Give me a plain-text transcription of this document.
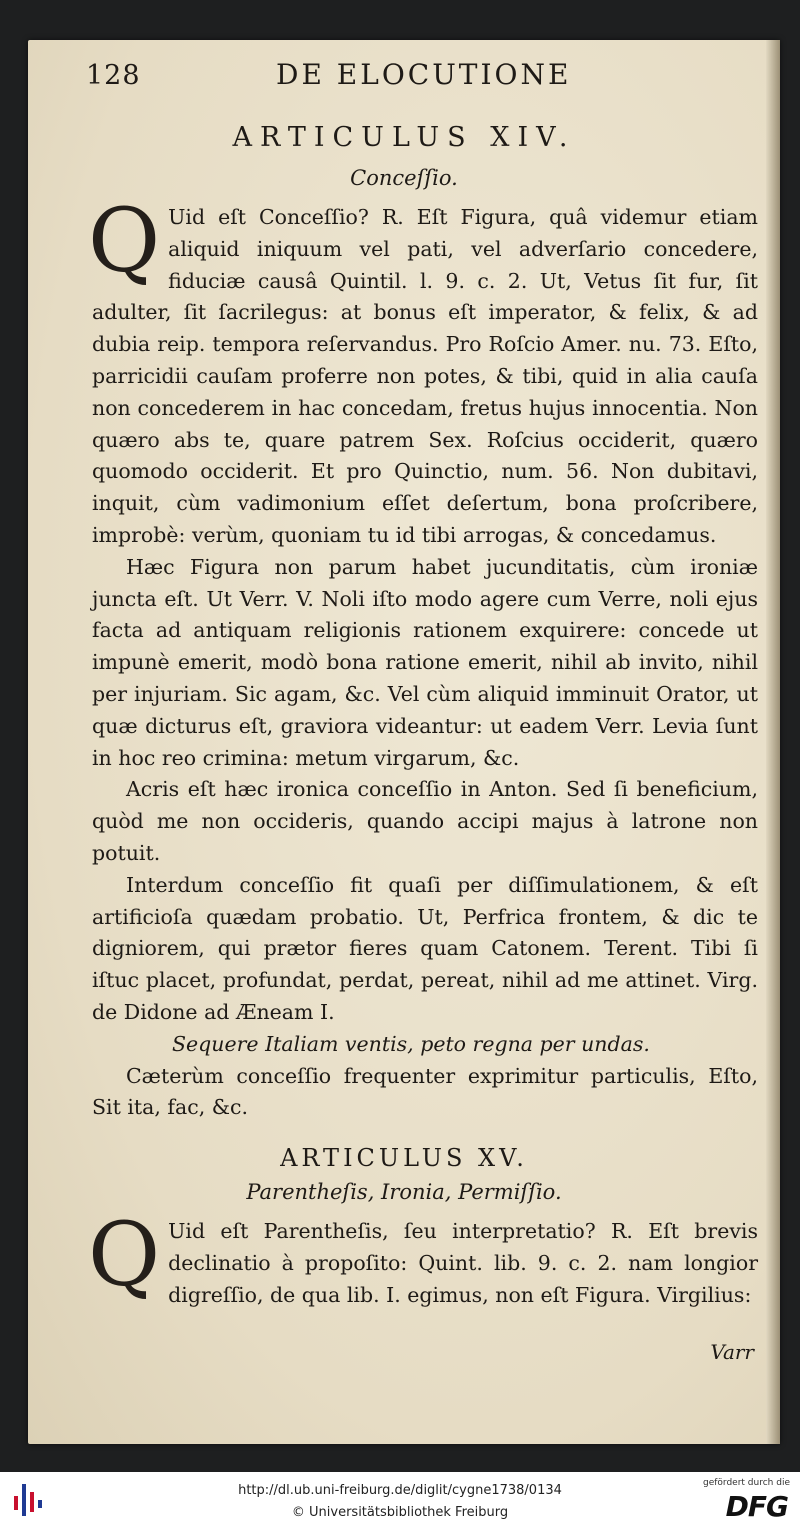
128	DE ELOCUTIONE
ARTICULUS XIV.
Conceſſio.

Q Uid eſt Conceſſio? R. Eſt Figura, quâ videmur etiam aliquid iniquum vel pati, vel adverſario concedere, fiduciæ causâ Quintil. l. 9. c. 2. Ut, Vetus ſit fur, ſit adulter, ſit ſacrilegus: at bonus eſt imperator, & felix, & ad dubia reip. tempora reſervandus. Pro Roſcio Amer. nu. 73. Eſto, parricidii cauſam proferre non potes, & tibi, quid in alia cauſa non concederem in hac concedam, fretus hujus innocentia. Non quæro abs te, quare patrem Sex. Roſcius occiderit, quæro quomodo occiderit. Et pro Quinctio, num. 56. Non dubitavi, inquit, cùm vadimonium eſſet deſertum, bona proſcribere, improbè: verùm, quoniam tu id tibi arrogas, & concedamus.

Hæc Figura non parum habet jucunditatis, cùm ironiæ juncta eſt. Ut Verr. V. Noli iſto modo agere cum Verre, noli ejus facta ad antiquam religionis rationem exquirere: concede ut impunè emerit, modò bona ratione emerit, nihil ab invito, nihil per injuriam. Sic agam, &c. Vel cùm aliquid imminuit Orator, ut quæ dicturus eſt, graviora videantur: ut eadem Verr. Levia ſunt in hoc reo crimina: metum virgarum, &c.

Acris eſt hæc ironica conceſſio in Anton. Sed ſi beneficium, quòd me non occideris, quando accipi majus à latrone non potuit.

Interdum conceſſio fit quaſi per diſſimulationem, & eſt artificioſa quædam probatio. Ut, Perfrica frontem, & dic te digniorem, qui prætor fieres quam Catonem. Terent. Tibi ſi iſtuc placet, profundat, perdat, pereat, nihil ad me attinet. Virg. de Didone ad Æneam I.

Sequere Italiam ventis, peto regna per undas.

Cæterùm conceſſio frequenter exprimitur particulis, Eſto, Sit ita, fac, &c.

ARTICULUS XV.
Parentheſis, Ironia, Permiſſio.

Q Uid eſt Parentheſis, ſeu interpretatio? R. Eſt brevis declinatio à propoſito: Quint. lib. 9. c. 2. nam longior digreſſio, de qua lib. I. egimus, non eſt Figura. Virgilius:

Varr
http://dl.ub.uni-freiburg.de/diglit/cygne1738/0134
© Universitätsbibliothek Freiburg
gefördert durch die
DFG
